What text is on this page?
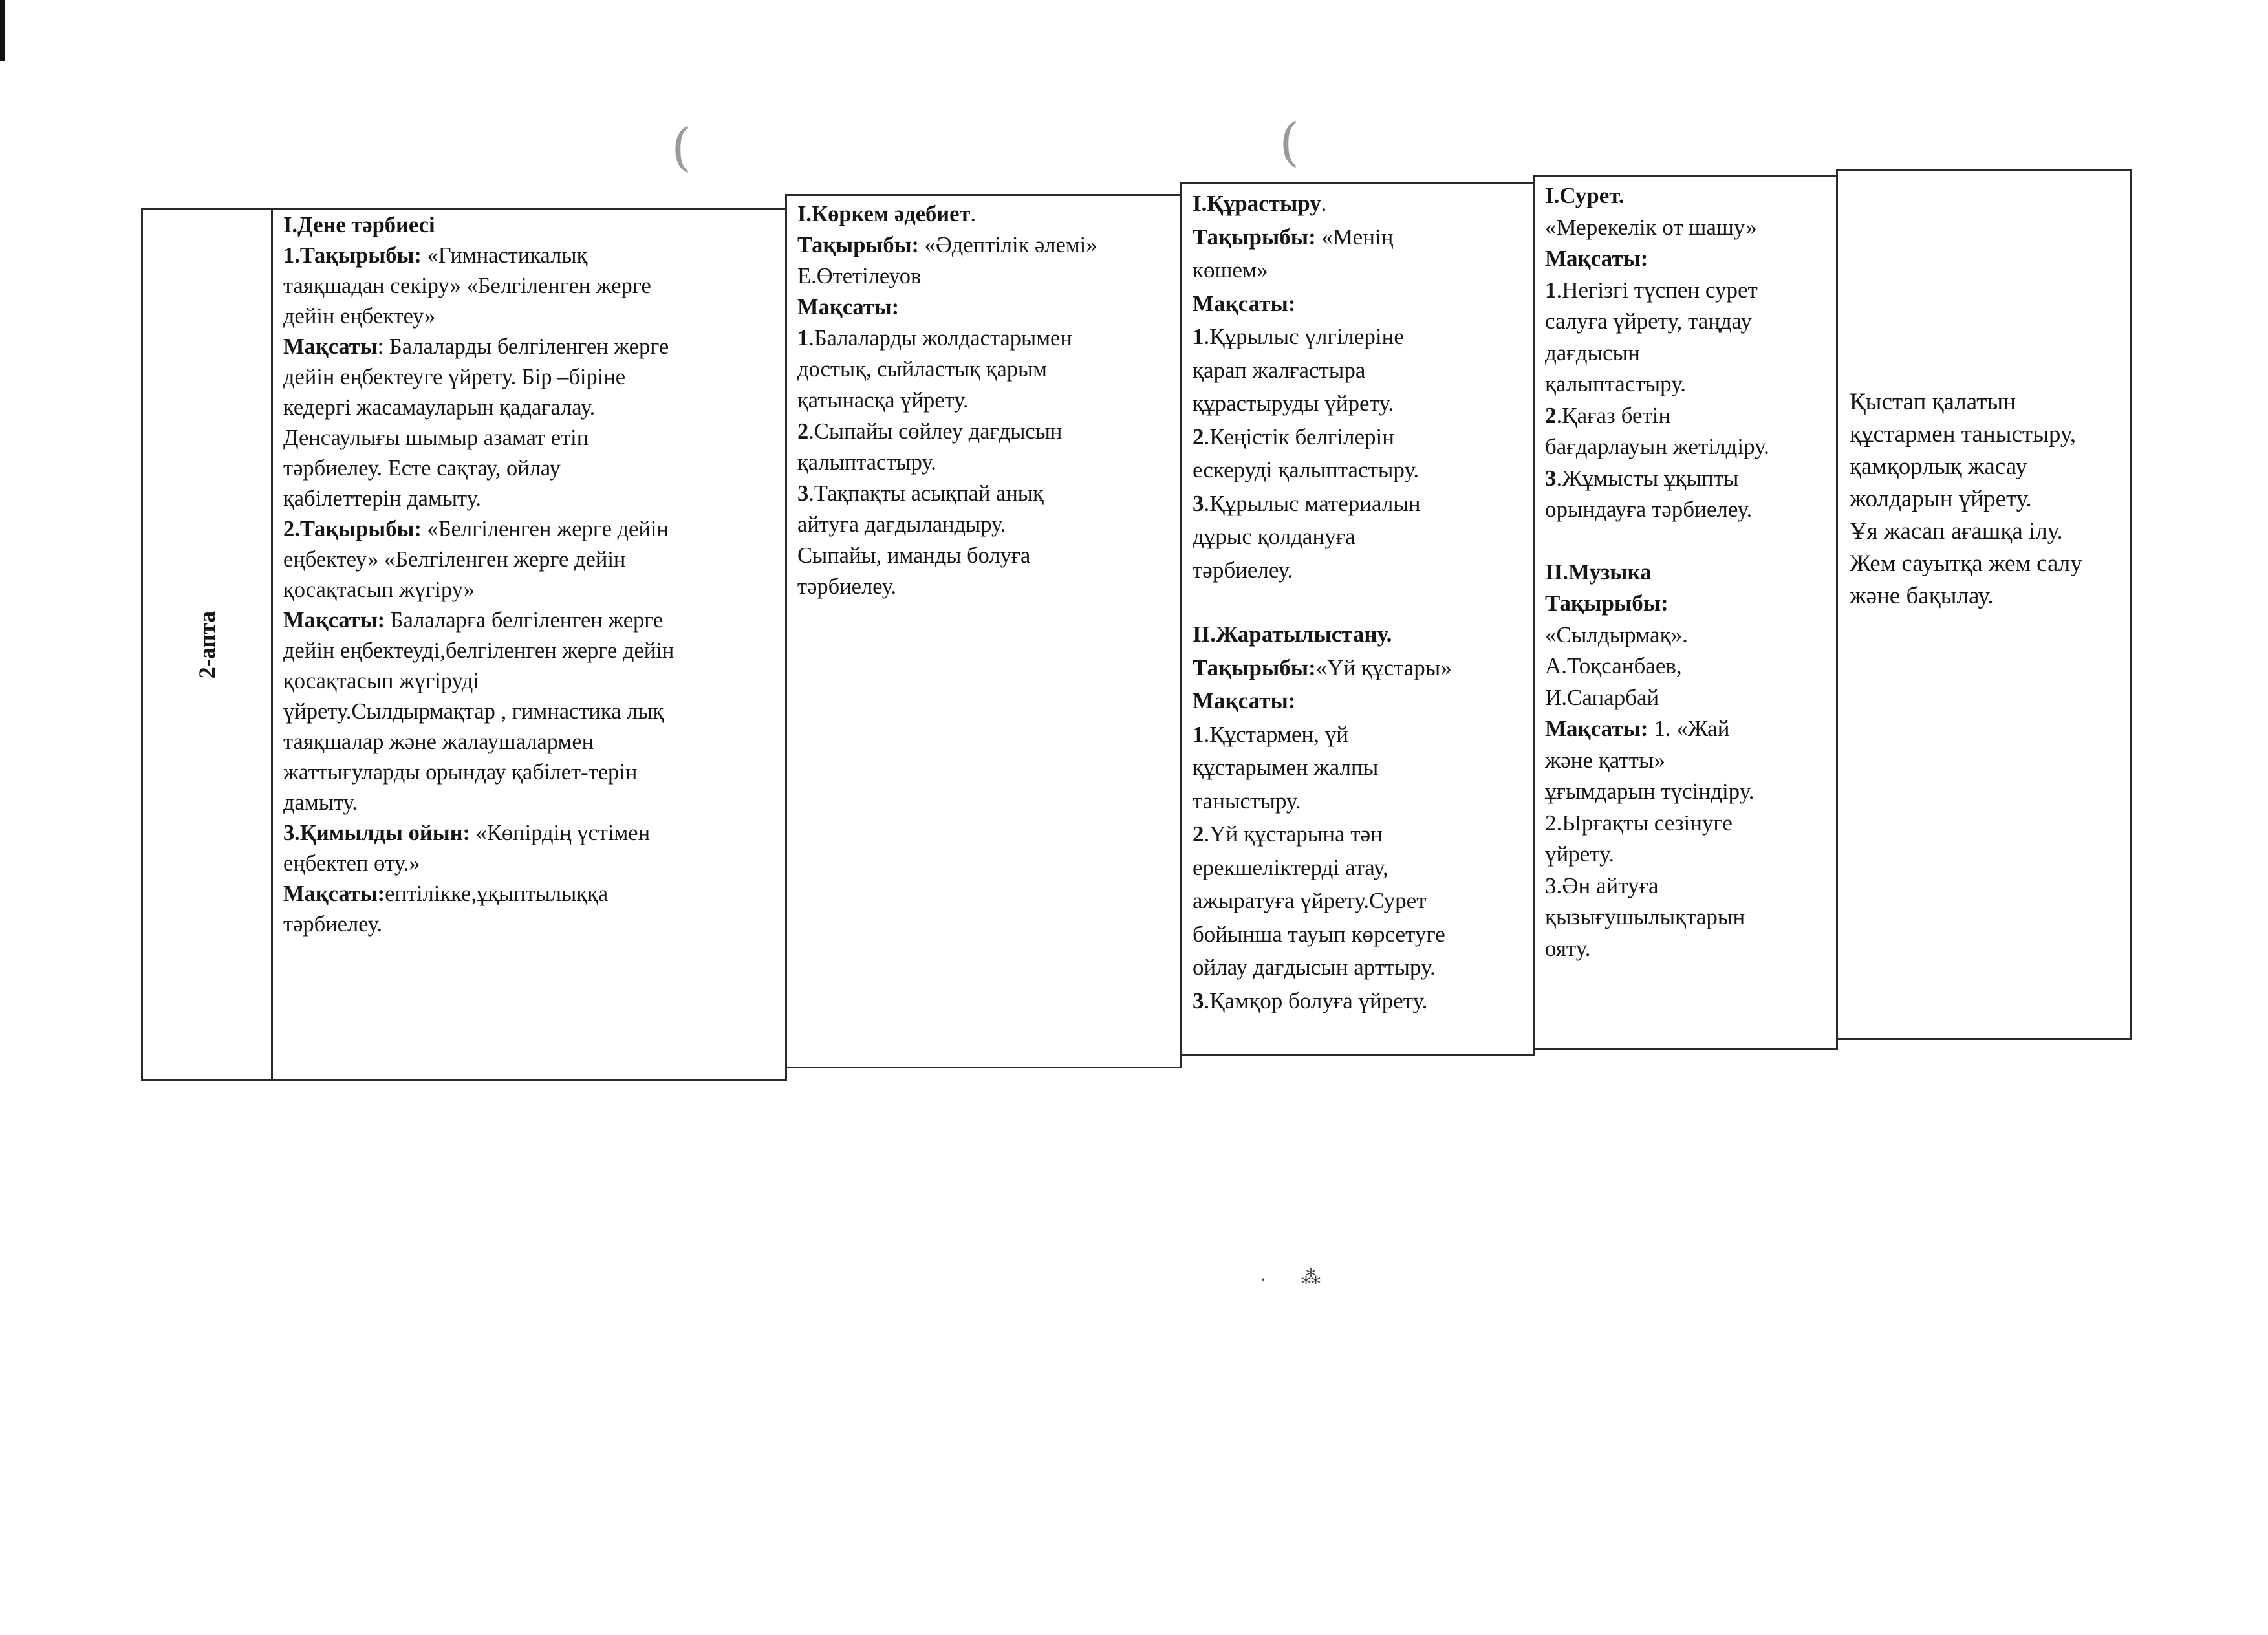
(	(
· ⁂
2-апта
І.Дене тәрбиесі
1.Тақырыбы: «Гимнастикалық
таяқшадан секіру» «Белгіленген жерге
дейін еңбектеу»
Мақсаты: Балаларды белгіленген жерге
дейін еңбектеуге үйрету. Бір –біріне
кедергі жасамауларын қадағалау.
Денсаулығы шымыр азамат етіп
тәрбиелеу. Есте сақтау, ойлау
қабілеттерін дамыту.
2.Тақырыбы: «Белгіленген жерге дейін
еңбектеу» «Белгіленген жерге дейін
қосақтасып жүгіру»
Мақсаты: Балаларға белгіленген жерге
дейін еңбектеуді,белгіленген жерге дейін
қосақтасып жүгіруді
үйрету.Сылдырмақтар , гимнастика лық
таяқшалар және жалаушалармен
жаттығуларды орындау қабілет-терін
дамыту.
3.Қимылды ойын: «Көпірдің үстімен
еңбектеп өту.»
Мақсаты:ептілікке,ұқыптылыққа
тәрбиелеу.
І.Көркем әдебиет.
Тақырыбы: «Әдептілік әлемі»
Е.Өтетілеуов
Мақсаты:
1.Балаларды жолдастарымен
достық, сыйластық қарым
қатынасқа үйрету.
2.Сыпайы сөйлеу дағдысын
қалыптастыру.
3.Тақпақты асықпай анық
айтуға дағдыландыру.
Сыпайы, иманды болуға
тәрбиелеу.
І.Құрастыру.
Тақырыбы: «Менің
көшем»
Мақсаты:
1.Құрылыс үлгілеріне
қарап жалғастыра
құрастыруды үйрету.
2.Кеңістік белгілерін
ескеруді қалыптастыру.
3.Құрылыс материалын
дұрыс қолдануға
тәрбиелеу.
ІІ.Жаратылыстану.
Тақырыбы:«Үй құстары»
Мақсаты:
1.Құстармен, үй
құстарымен жалпы
таныстыру.
2.Үй құстарына тән
ерекшеліктерді атау,
ажыратуға үйрету.Сурет
бойынша тауып көрсетуге
ойлау дағдысын арттыру.
3.Қамқор болуға үйрету.
І.Сурет.
«Мерекелік от шашу»
Мақсаты:
1.Негізгі түспен сурет
салуға үйрету, таңдау
дағдысын
қалыптастыру.
2.Қағаз бетін
бағдарлауын жетілдіру.
3.Жұмысты ұқыпты
орындауға тәрбиелеу.
ІІ.Музыка
Тақырыбы:
«Сылдырмақ».
А.Тоқсанбаев,
И.Сапарбай
Мақсаты: 1. «Жай
және қатты»
ұғымдарын түсіндіру.
2.Ырғақты сезінуге
үйрету.
3.Ән айтуға
қызығушылықтарын
ояту.
Қыстап қалатын
құстармен таныстыру,
қамқорлық жасау
жолдарын үйрету.
Ұя жасап ағашқа ілу.
Жем сауытқа жем салу
және бақылау.
